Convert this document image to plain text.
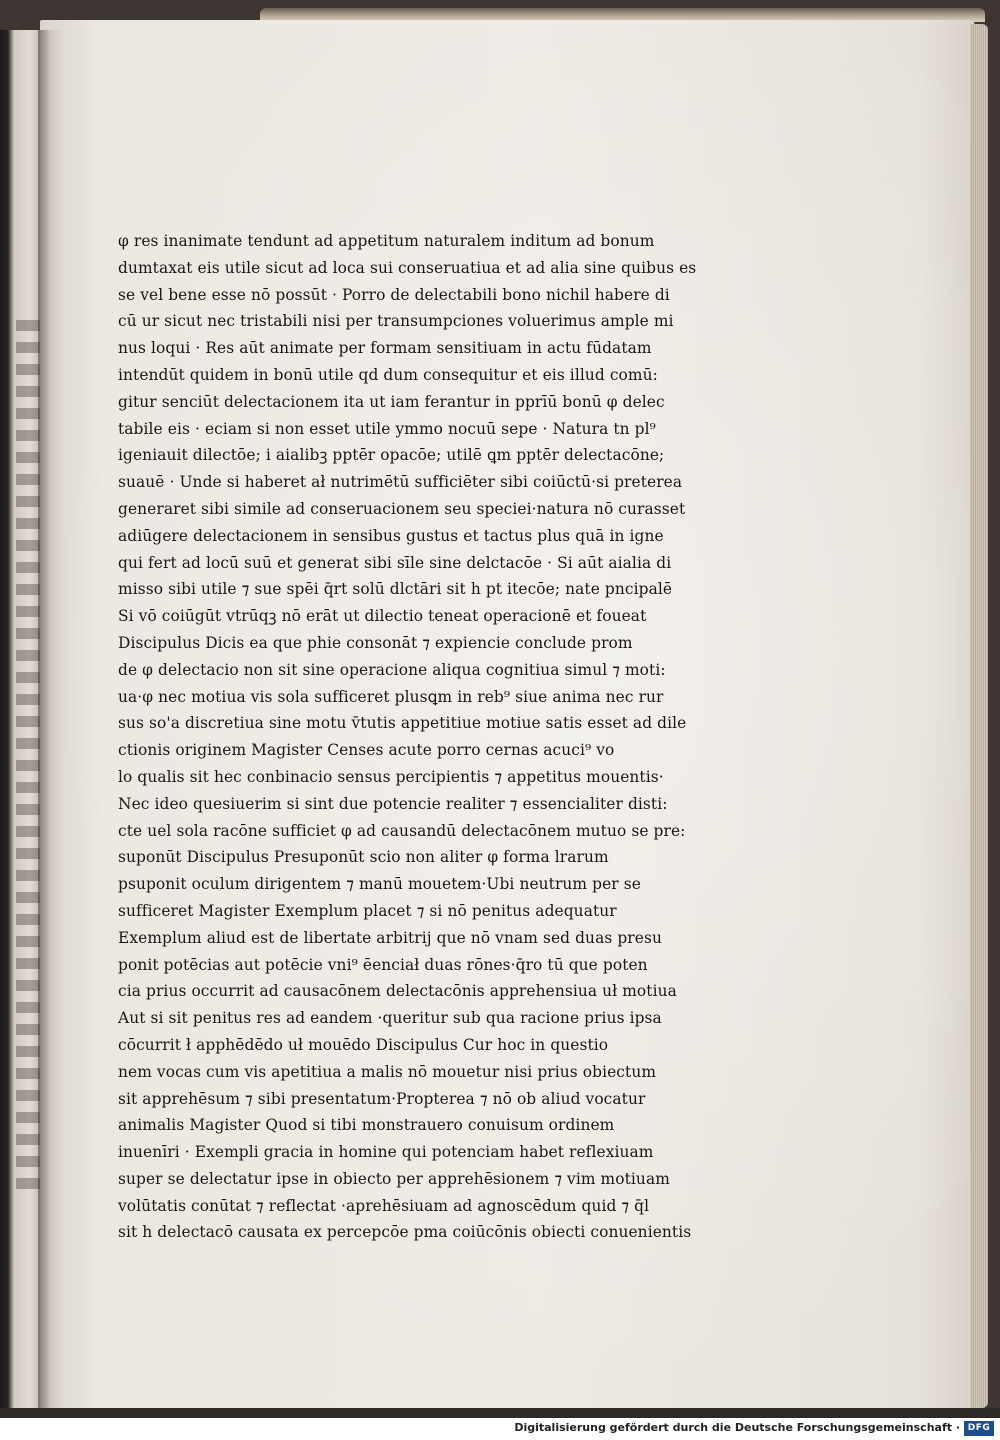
φ res inanimate tendunt ad appetitum naturalem inditum ad bonum
dumtaxat eis utile sicut ad loca sui conseruatiua et ad alia sine quibus es
se vel bene esse nō possūt · Porro de delectabili bono nichil habere di
cū ur sicut nec tristabili nisi per transumpciones voluerimus ample mi
nus loqui · Res aūt animate per formam sensitiuam in actu fūdatam
intendūt quidem in bonū utile qd dum consequitur et eis illud comū:
gitur senciūt delectacionem ita ut iam ferantur in pprīū bonū φ delec
tabile eis · eciam si non esset utile ymmo nocuū sepe · Natura tn pl⁹
igeniauit dilectōe; i aialibꝫ pptēr opacōe; utilē ꝗm pptēr delectacōne;
suauē · Unde si haberet ał nutrimētū sufficiēter sibi coiūctū·si preterea
generaret sibi simile ad conseruacionem seu speciei·natura nō curasset
adiūgere delectacionem in sensibus gustus et tactus plus quā in igne
qui fert ad locū suū et generat sibi sīle sine delctacōe · Si aūt aialia di
misso sibi utile ⁊ sue spēi q̄rt solū dlctāri sit h pt itecōe; nate pncipalē
Si vō coiūgūt vtrūqꝫ nō erāt ut dilectio teneat operacionē et foueat
Discipulus Dicis ea que phie consonāt ⁊ expiencie conclude prom
de φ delectacio non sit sine operacione aliqua cognitiua simul ⁊ moti:
ua·φ nec motiua vis sola sufficeret plusꝗm in reb⁹ siue anima nec rur
sus so'a discretiua sine motu v̄tutis appetitiue motiue satis esset ad dile
ctionis originem Magister Censes acute porro cernas acuci⁹ vo
lo qualis sit hec conbinacio sensus percipientis ⁊ appetitus mouentis·
Nec ideo quesiuerim si sint due potencie realiter ⁊ essencialiter disti:
cte uel sola racōne sufficiet φ ad causandū delectacōnem mutuo se pre:
suponūt Discipulus Presuponūt scio non aliter φ forma lrarum
psuponit oculum dirigentem ⁊ manū mouetem·Ubi neutrum per se
sufficeret Magister Exemplum placet ⁊ si nō penitus adequatur
Exemplum aliud est de libertate arbitrij que nō vnam sed duas presu
ponit potēcias aut potēcie vni⁹ ēenciał duas rōnes·q̄ro tū que poten
cia prius occurrit ad causacōnem delectacōnis apprehensiua uł motiua
Aut si sit penitus res ad eandem ·queritur sub qua racione prius ipsa
cōcurrit ł apphēdēdo uł mouēdo Discipulus Cur hoc in questio
nem vocas cum vis apetitiua a malis nō mouetur nisi prius obiectum
sit apprehēsum ⁊ sibi presentatum·Propterea ⁊ nō ob aliud vocatur
animalis Magister Quod si tibi monstrauero conuisum ordinem
inuenīri · Exempli gracia in homine qui potenciam habet reflexiuam
super se delectatur ipse in obiecto per apprehēsionem ⁊ vim motiuam
volūtatis conūtat ⁊ reflectat ·aprehēsiuam ad agnoscēdum quid ⁊ q̄l
sit h delectacō causata ex percepcōe pma coiūcōnis obiecti conuenientis
Digitalisierung gefördert durch die Deutsche Forschungsgemeinschaft · DFG
